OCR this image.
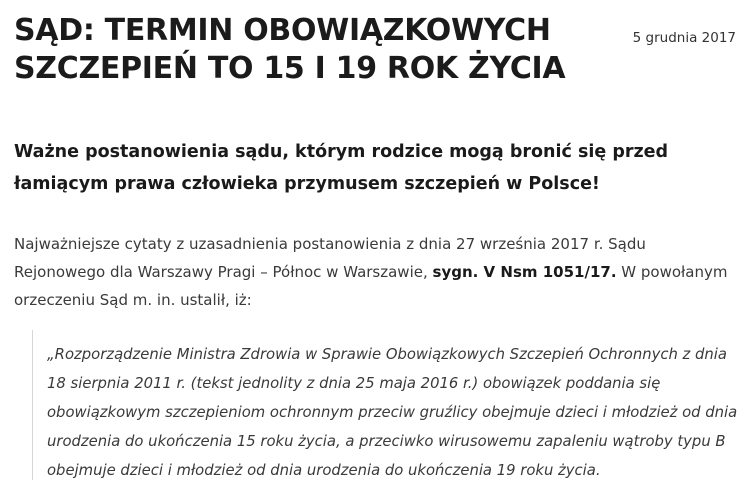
SĄD: TERMIN OBOWIĄZKOWYCH
SZCZEPIEŃ TO 15 I 19 ROK ŻYCIA
5 grudnia 2017

Ważne postanowienia sądu, którym rodzice mogą bronić się przed łamiącym prawa człowieka przymusem szczepień w Polsce!

Najważniejsze cytaty z uzasadnienia postanowienia z dnia 27 września 2017 r. Sądu Rejonowego dla Warszawy Pragi – Północ w Warszawie, sygn. V Nsm 1051/17. W powołanym orzeczeniu Sąd m. in. ustalił, iż:

„Rozporządzenie Ministra Zdrowia w Sprawie Obowiązkowych Szczepień Ochronnych z dnia 18 sierpnia 2011 r. (tekst jednolity z dnia 25 maja 2016 r.) obowiązek poddania się obowiązkowym szczepieniom ochronnym przeciw gruźlicy obejmuje dzieci i młodzież od dnia urodzenia do ukończenia 15 roku życia, a przeciwko wirusowemu zapaleniu wątroby typu B obejmuje dzieci i młodzież od dnia urodzenia do ukończenia 19 roku życia.
